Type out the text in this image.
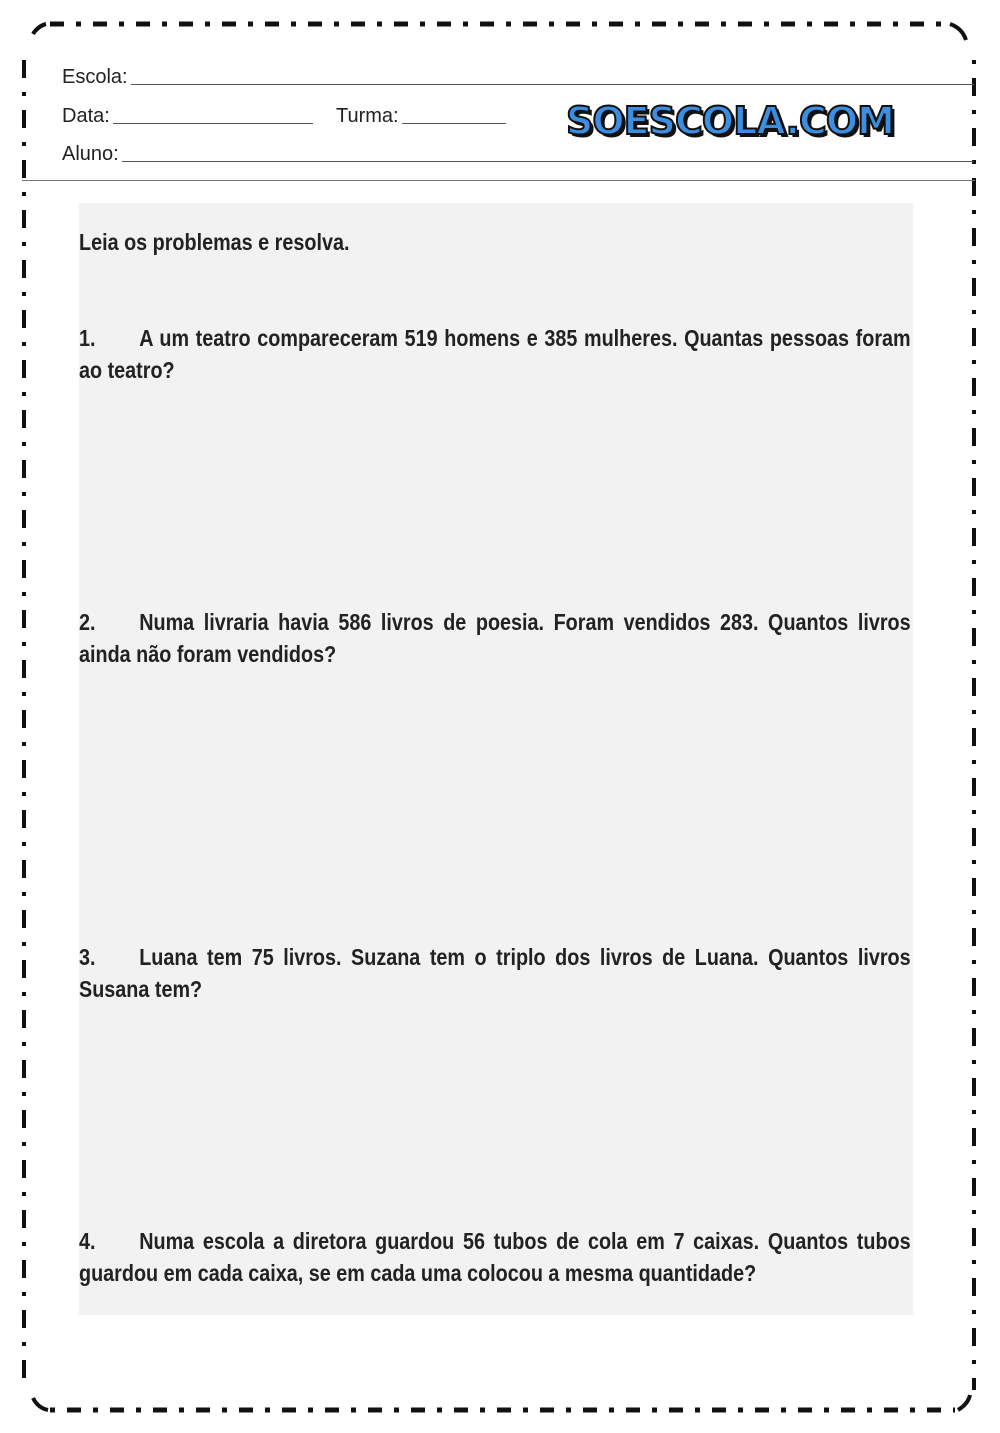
Escola:
Data:	Turma:
Aluno:
SOESCOLA.COM
Leia os problemas e resolva.
1. A um teatro compareceram 519 homens e 385 mulheres. Quantas pessoas foram ao teatro?
2. Numa livraria havia 586 livros de poesia. Foram vendidos 283. Quantos livros ainda não foram vendidos?
3. Luana tem 75 livros. Suzana tem o triplo dos livros de Luana. Quantos livros Susana tem?
4. Numa escola a diretora guardou 56 tubos de cola em 7 caixas. Quantos tubos guardou em cada caixa, se em cada uma colocou a mesma quantidade?
